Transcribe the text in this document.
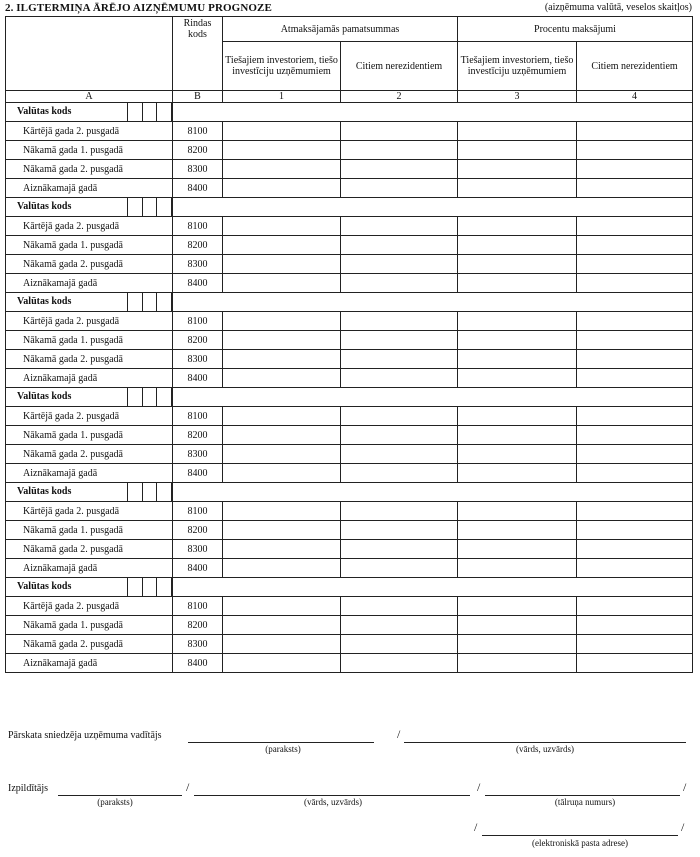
2. ILGTERMIŅA ĀRĒJO AIZŅĒMUMU PROGNOZE	(aizņēmuma valūtā, veselos skaitļos)
	Rindas kods	Atmaksājamās pamatsummas		Procentu maksājumi	
		Tiešajiem investoriem, tiešo investīciju uzņēmumiem	Citiem nerezidentiem	Tiešajiem investoriem, tiešo investīciju uzņēmumiem	Citiem nerezidentiem
A	B	1	2	3	4

Valūtas kods					

Kārtējā gada 2. pusgadā	8100				
Nākamā gada 1. pusgadā	8200				
Nākamā gada 2. pusgadā	8300				
Aiznākamajā gadā	8400				

Valūtas kods					

Kārtējā gada 2. pusgadā	8100				
Nākamā gada 1. pusgadā	8200				
Nākamā gada 2. pusgadā	8300				
Aiznākamajā gadā	8400				

Valūtas kods					

Kārtējā gada 2. pusgadā	8100				
Nākamā gada 1. pusgadā	8200				
Nākamā gada 2. pusgadā	8300				
Aiznākamajā gadā	8400				

Valūtas kods					

Kārtējā gada 2. pusgadā	8100				
Nākamā gada 1. pusgadā	8200				
Nākamā gada 2. pusgadā	8300				
Aiznākamajā gadā	8400				

Valūtas kods					

Kārtējā gada 2. pusgadā	8100				
Nākamā gada 1. pusgadā	8200				
Nākamā gada 2. pusgadā	8300				
Aiznākamajā gadā	8400				

Valūtas kods					

Kārtējā gada 2. pusgadā	8100				
Nākamā gada 1. pusgadā	8200				
Nākamā gada 2. pusgadā	8300				
Aiznākamajā gadā	8400				
Pārskata sniedzēja uzņēmuma vadītājs	/
(paraksts)	(vārds, uzvārds)
Izpildītājs	/	/	/
(paraksts)	(vārds, uzvārds)	(tālruņa numurs)
/	/
(elektroniskā pasta adrese)
